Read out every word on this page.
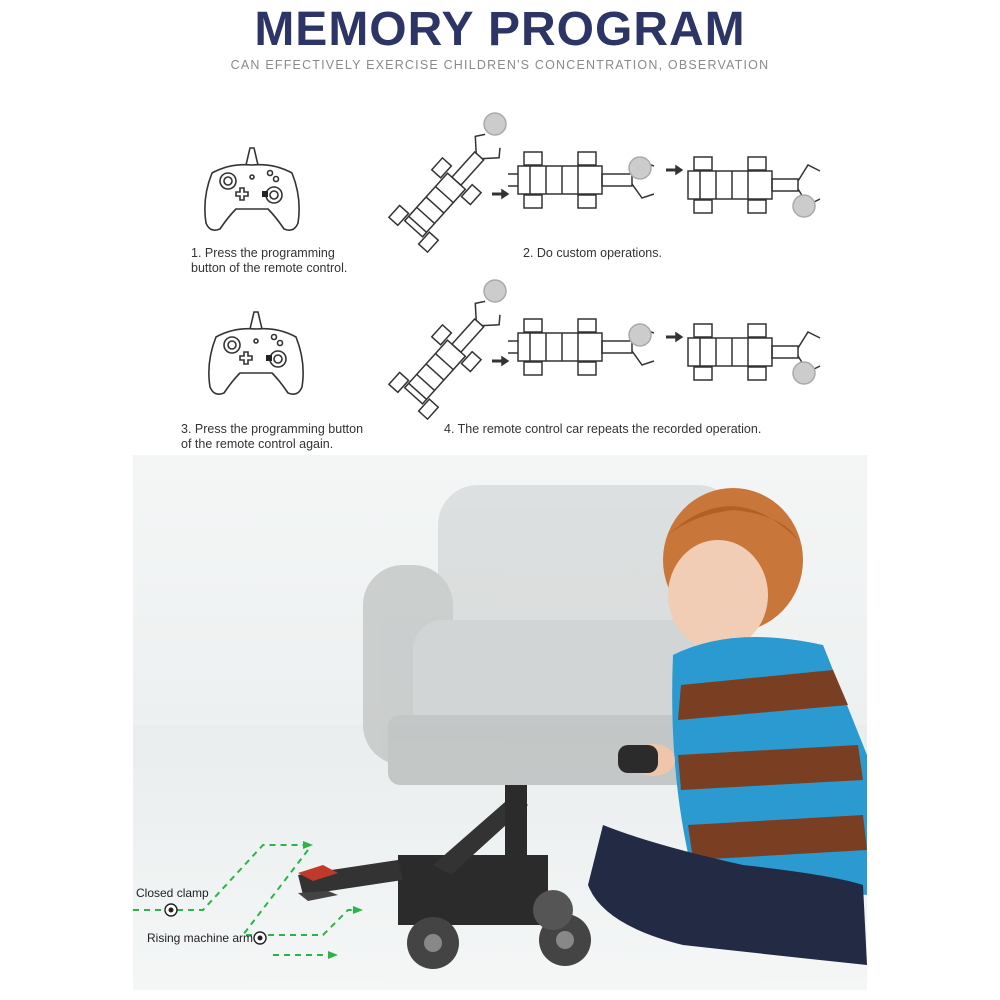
MEMORY PROGRAM
CAN EFFECTIVELY EXERCISE CHILDREN'S CONCENTRATION, OBSERVATION
1. Press the programming
button of the remote control.
2. Do custom operations.
3. Press the programming button
of the remote control again.
4. The remote control car repeats the recorded operation.
Closed clamp
Rising machine arm
